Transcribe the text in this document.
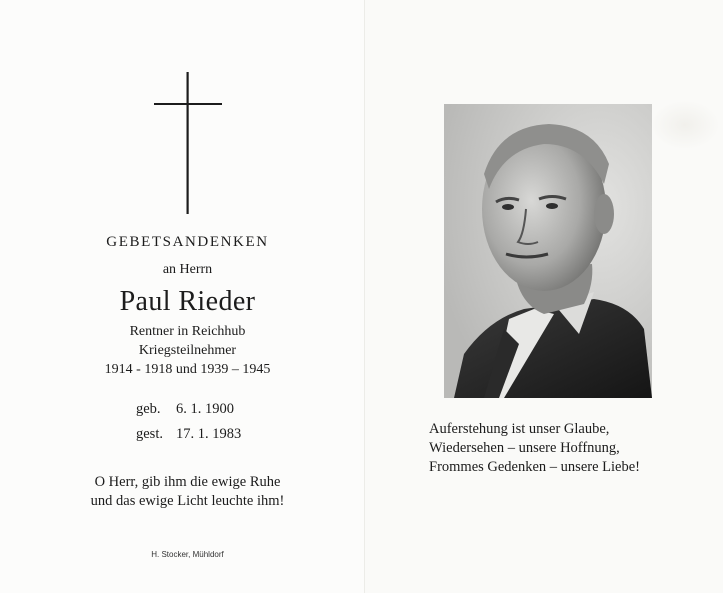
GEBETSANDENKEN
an Herrn
Paul Rieder
Rentner in Reichhub
Kriegsteilnehmer
1914 - 1918 und 1939 – 1945
geb. 6. 1. 1900
gest. 17. 1. 1983
O Herr, gib ihm die ewige Ruhe
und das ewige Licht leuchte ihm!
H. Stocker, Mühldorf
Auferstehung ist unser Glaube,
Wiedersehen – unsere Hoffnung,
Frommes Gedenken – unsere Liebe!
